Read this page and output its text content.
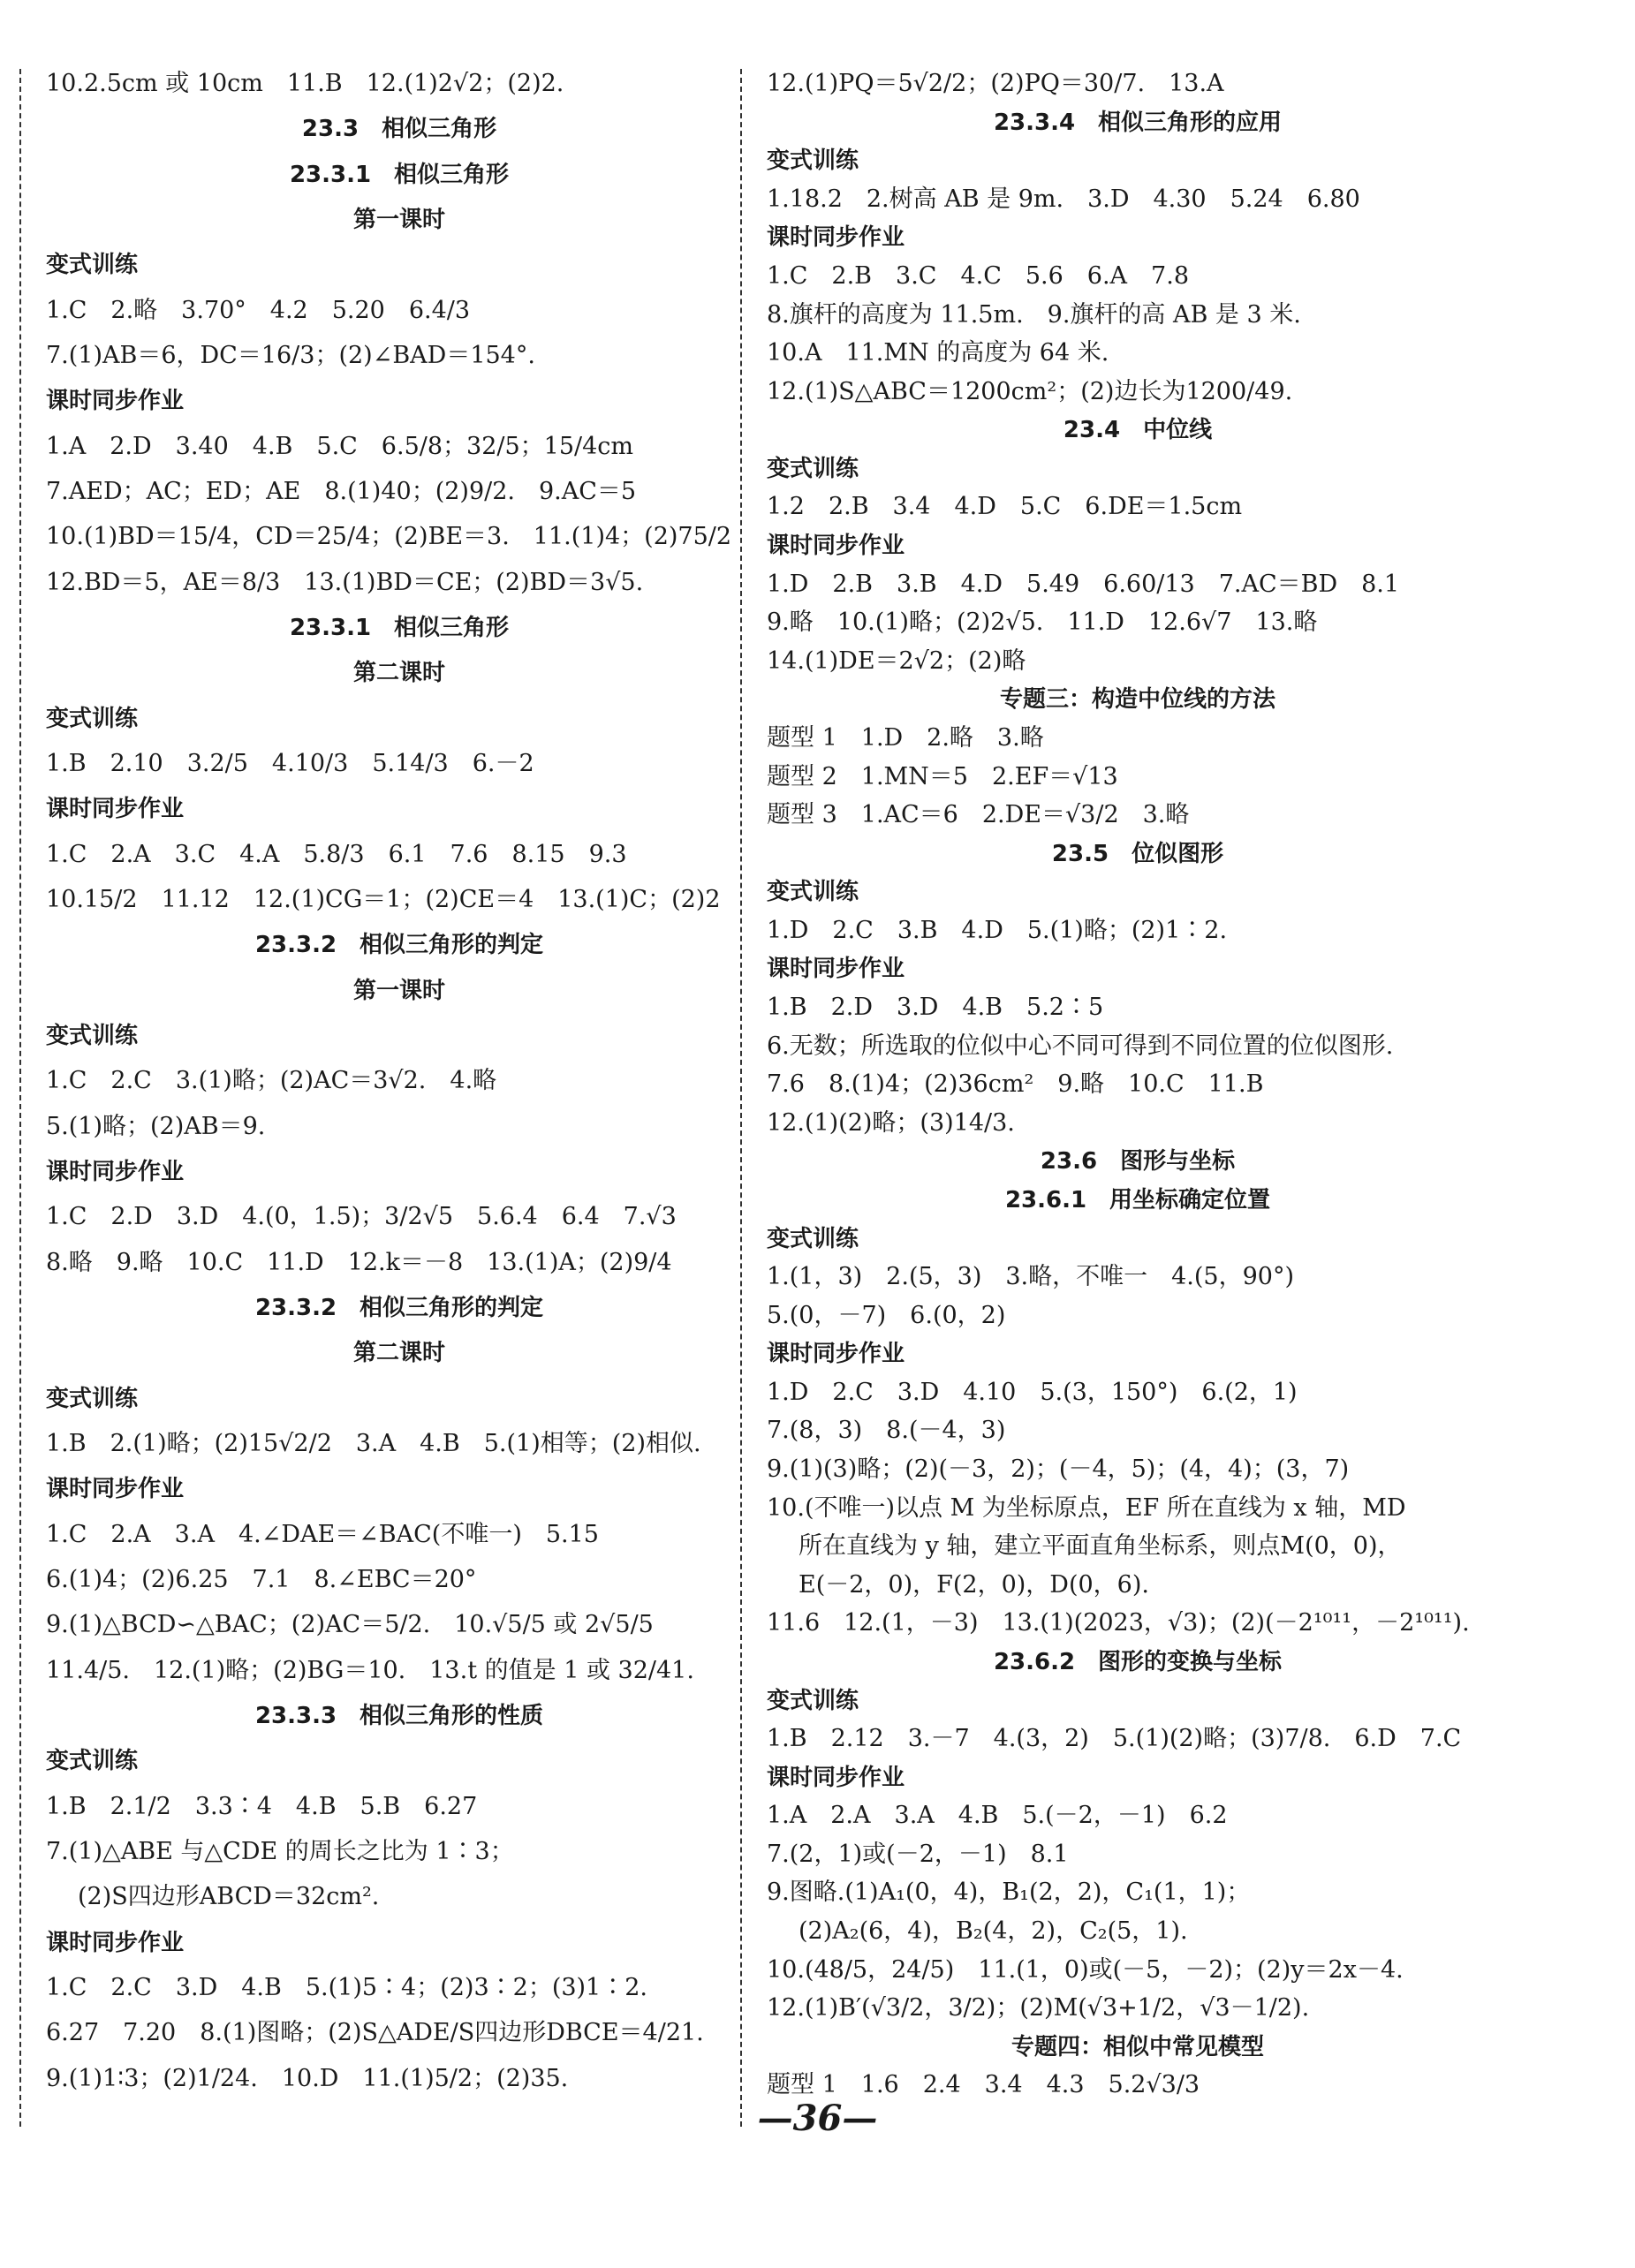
10.2.5cm 或 10cm　11.B　12.(1)2√2；(2)2.
23.3　相似三角形
23.3.1　相似三角形
第一课时
变式训练
1.C　2.略　3.70°　4.2　5.20　6.4/3
7.(1)AB＝6，DC＝16/3；(2)∠BAD＝154°.
课时同步作业
1.A　2.D　3.40　4.B　5.C　6.5/8；32/5；15/4cm
7.AED；AC；ED；AE　8.(1)40；(2)9/2.　9.AC＝5
10.(1)BD＝15/4，CD＝25/4；(2)BE＝3.　11.(1)4；(2)75/2
12.BD＝5，AE＝8/3　13.(1)BD＝CE；(2)BD＝3√5.
23.3.1　相似三角形
第二课时
变式训练
1.B　2.10　3.2/5　4.10/3　5.14/3　6.－2
课时同步作业
1.C　2.A　3.C　4.A　5.8/3　6.1　7.6　8.15　9.3
10.15/2　11.12　12.(1)CG＝1；(2)CE＝4　13.(1)C；(2)2
23.3.2　相似三角形的判定
第一课时
变式训练
1.C　2.C　3.(1)略；(2)AC＝3√2.　4.略
5.(1)略；(2)AB＝9.
课时同步作业
1.C　2.D　3.D　4.(0，1.5)；3/2√5　5.6.4　6.4　7.√3
8.略　9.略　10.C　11.D　12.k＝－8　13.(1)A；(2)9/4
23.3.2　相似三角形的判定
第二课时
变式训练
1.B　2.(1)略；(2)15√2/2　3.A　4.B　5.(1)相等；(2)相似.
课时同步作业
1.C　2.A　3.A　4.∠DAE＝∠BAC(不唯一)　5.15
6.(1)4；(2)6.25　7.1　8.∠EBC＝20°
9.(1)△BCD∽△BAC；(2)AC＝5/2.　10.√5/5 或 2√5/5
11.4/5.　12.(1)略；(2)BG＝10.　13.t 的值是 1 或 32/41.
23.3.3　相似三角形的性质
变式训练
1.B　2.1/2　3.3∶4　4.B　5.B　6.27
7.(1)△ABE 与△CDE 的周长之比为 1∶3；
(2)S四边形ABCD＝32cm².
课时同步作业
1.C　2.C　3.D　4.B　5.(1)5∶4；(2)3∶2；(3)1∶2.
6.27　7.20　8.(1)图略；(2)S△ADE/S四边形DBCE＝4/21.
9.(1)1∶3；(2)1/24.　10.D　11.(1)5/2；(2)35.
12.(1)PQ＝5√2/2；(2)PQ＝30/7.　13.A
23.3.4　相似三角形的应用
变式训练
1.18.2　2.树高 AB 是 9m.　3.D　4.30　5.24　6.80
课时同步作业
1.C　2.B　3.C　4.C　5.6　6.A　7.8
8.旗杆的高度为 11.5m.　9.旗杆的高 AB 是 3 米.
10.A　11.MN 的高度为 64 米.
12.(1)S△ABC＝1200cm²；(2)边长为1200/49.
23.4　中位线
变式训练
1.2　2.B　3.4　4.D　5.C　6.DE＝1.5cm
课时同步作业
1.D　2.B　3.B　4.D　5.49　6.60/13　7.AC＝BD　8.1
9.略　10.(1)略；(2)2√5.　11.D　12.6√7　13.略
14.(1)DE＝2√2；(2)略
专题三：构造中位线的方法
题型 1　1.D　2.略　3.略
题型 2　1.MN＝5　2.EF＝√13
题型 3　1.AC＝6　2.DE＝√3/2　3.略
23.5　位似图形
变式训练
1.D　2.C　3.B　4.D　5.(1)略；(2)1∶2.
课时同步作业
1.B　2.D　3.D　4.B　5.2∶5
6.无数；所选取的位似中心不同可得到不同位置的位似图形.
7.6　8.(1)4；(2)36cm²　9.略　10.C　11.B
12.(1)(2)略；(3)14/3.
23.6　图形与坐标
23.6.1　用坐标确定位置
变式训练
1.(1，3)　2.(5，3)　3.略，不唯一　4.(5，90°)
5.(0，－7)　6.(0，2)
课时同步作业
1.D　2.C　3.D　4.10　5.(3，150°)　6.(2，1)
7.(8，3)　8.(－4，3)
9.(1)(3)略；(2)(－3，2)；(－4，5)；(4，4)；(3，7)
10.(不唯一)以点 M 为坐标原点，EF 所在直线为 x 轴，MD
所在直线为 y 轴，建立平面直角坐标系，则点M(0，0)，
E(－2，0)，F(2，0)，D(0，6).
11.6　12.(1，－3)　13.(1)(2023，√3)；(2)(－2¹⁰¹¹，－2¹⁰¹¹).
23.6.2　图形的变换与坐标
变式训练
1.B　2.12　3.－7　4.(3，2)　5.(1)(2)略；(3)7/8.　6.D　7.C
课时同步作业
1.A　2.A　3.A　4.B　5.(－2，－1)　6.2
7.(2，1)或(－2，－1)　8.1
9.图略.(1)A₁(0，4)，B₁(2，2)，C₁(1，1)；
(2)A₂(6，4)，B₂(4，2)，C₂(5，1).
10.(48/5，24/5)　11.(1，0)或(－5，－2)；(2)y＝2x－4.
12.(1)B′(√3/2，3/2)；(2)M(√3+1/2，√3－1/2).
专题四：相似中常见模型
题型 1　1.6　2.4　3.4　4.3　5.2√3/3
—36—
